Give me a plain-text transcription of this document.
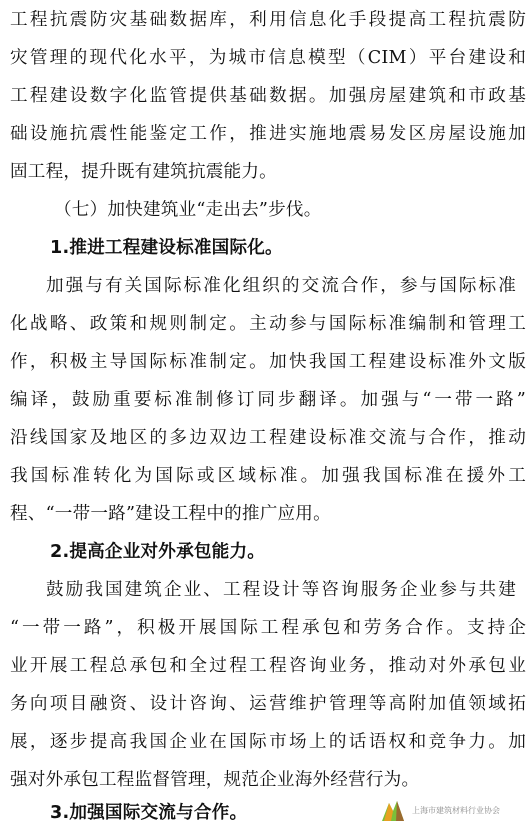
工程抗震防灾基础数据库，利用信息化手段提高工程抗震防
灾管理的现代化水平，为城市信息模型（CIM）平台建设和
工程建设数字化监管提供基础数据。加强房屋建筑和市政基
础设施抗震性能鉴定工作，推进实施地震易发区房屋设施加
固工程，提升既有建筑抗震能力。
（七）加快建筑业“走出去”步伐。
1.推进工程建设标准国际化。
加强与有关国际标准化组织的交流合作，参与国际标准
化战略、政策和规则制定。主动参与国际标准编制和管理工
作，积极主导国际标准制定。加快我国工程建设标准外文版
编译，鼓励重要标准制修订同步翻译。加强与“一带一路”
沿线国家及地区的多边双边工程建设标准交流与合作，推动
我国标准转化为国际或区域标准。加强我国标准在援外工
程、“一带一路”建设工程中的推广应用。
2.提高企业对外承包能力。
鼓励我国建筑企业、工程设计等咨询服务企业参与共建
“一带一路”，积极开展国际工程承包和劳务合作。支持企
业开展工程总承包和全过程工程咨询业务，推动对外承包业
务向项目融资、设计咨询、运营维护管理等高附加值领域拓
展，逐步提高我国企业在国际市场上的话语权和竞争力。加
强对外承包工程监督管理，规范企业海外经营行为。
3.加强国际交流与合作。	上海市建筑材料行业协会
